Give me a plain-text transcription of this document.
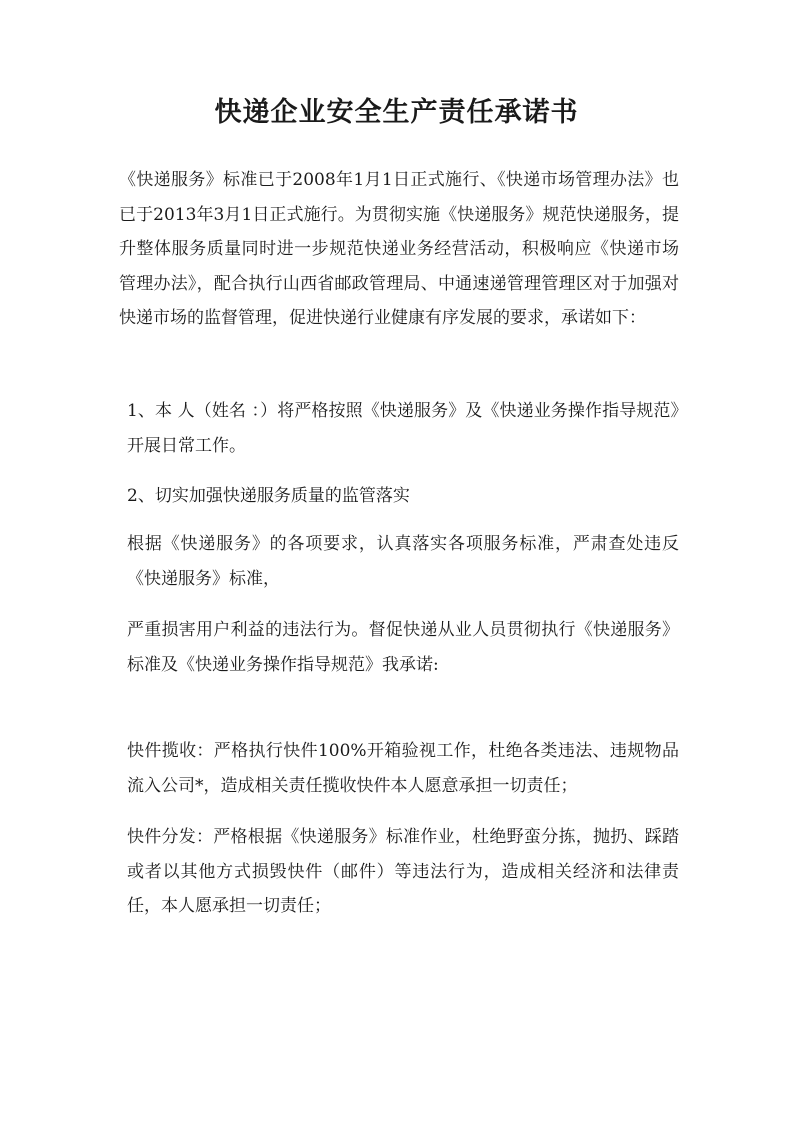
快递企业安全生产责任承诺书

《快递服务》标准已于2008年1月1日正式施行、《快递市场管理办法》也已于2013年3月1日正式施行。为贯彻实施《快递服务》规范快递服务，提升整体服务质量同时进一步规范快递业务经营活动，积极响应《快递市场管理办法》，配合执行山西省邮政管理局、中通速递管理管理区对于加强对快递市场的监督管理，促进快递行业健康有序发展的要求，承诺如下：

1、本 人（姓名 ：）将严格按照《快递服务》及《快递业务操作指导规范》开展日常工作。

2、切实加强快递服务质量的监管落实

根据《快递服务》的各项要求，认真落实各项服务标准，严肃查处违反《快递服务》标准，

严重损害用户利益的违法行为。督促快递从业人员贯彻执行《快递服务》标准及《快递业务操作指导规范》我承诺:

快件揽收：严格执行快件100%开箱验视工作，杜绝各类违法、违规物品流入公司*，造成相关责任揽收快件本人愿意承担一切责任；

快件分发：严格根据《快递服务》标准作业，杜绝野蛮分拣，抛扔、踩踏或者以其他方式损毁快件（邮件）等违法行为，造成相关经济和法律责任，本人愿承担一切责任；
